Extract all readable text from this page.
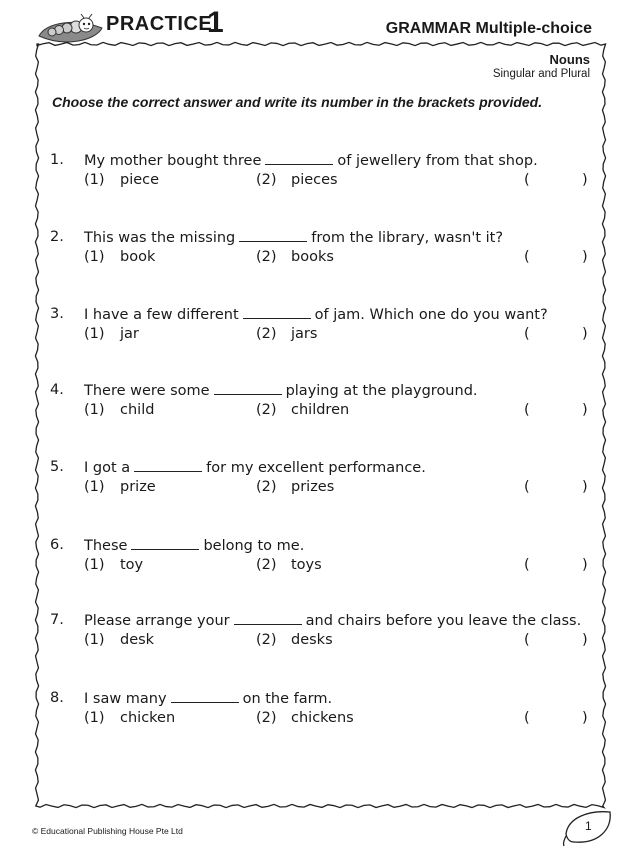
PRACTICE
1	GRAMMAR Multiple-choice
Nouns
Singular and Plural
Choose the correct answer and write its number in the brackets provided.
1. My mother bought three	of jewellery from that shop.
(1) piece	(2) pieces	(	)
2. This was the missing	from the library, wasn't it?
(1) book	(2) books	(	)
3. I have a few different	of jam. Which one do you want?
(1) jar	(2) jars	(	)
4. There were some	playing at the playground.
(1) child	(2) children	(	)
5. I got a	for my excellent performance.
(1) prize	(2) prizes	(	)
6. These	belong to me.
(1) toy	(2) toys	(	)
7. Please arrange your	and chairs before you leave the class.
(1) desk	(2) desks	(	)
8. I saw many	on the farm.
(1) chicken	(2) chickens	(	)
© Educational Publishing House Pte Ltd	1
